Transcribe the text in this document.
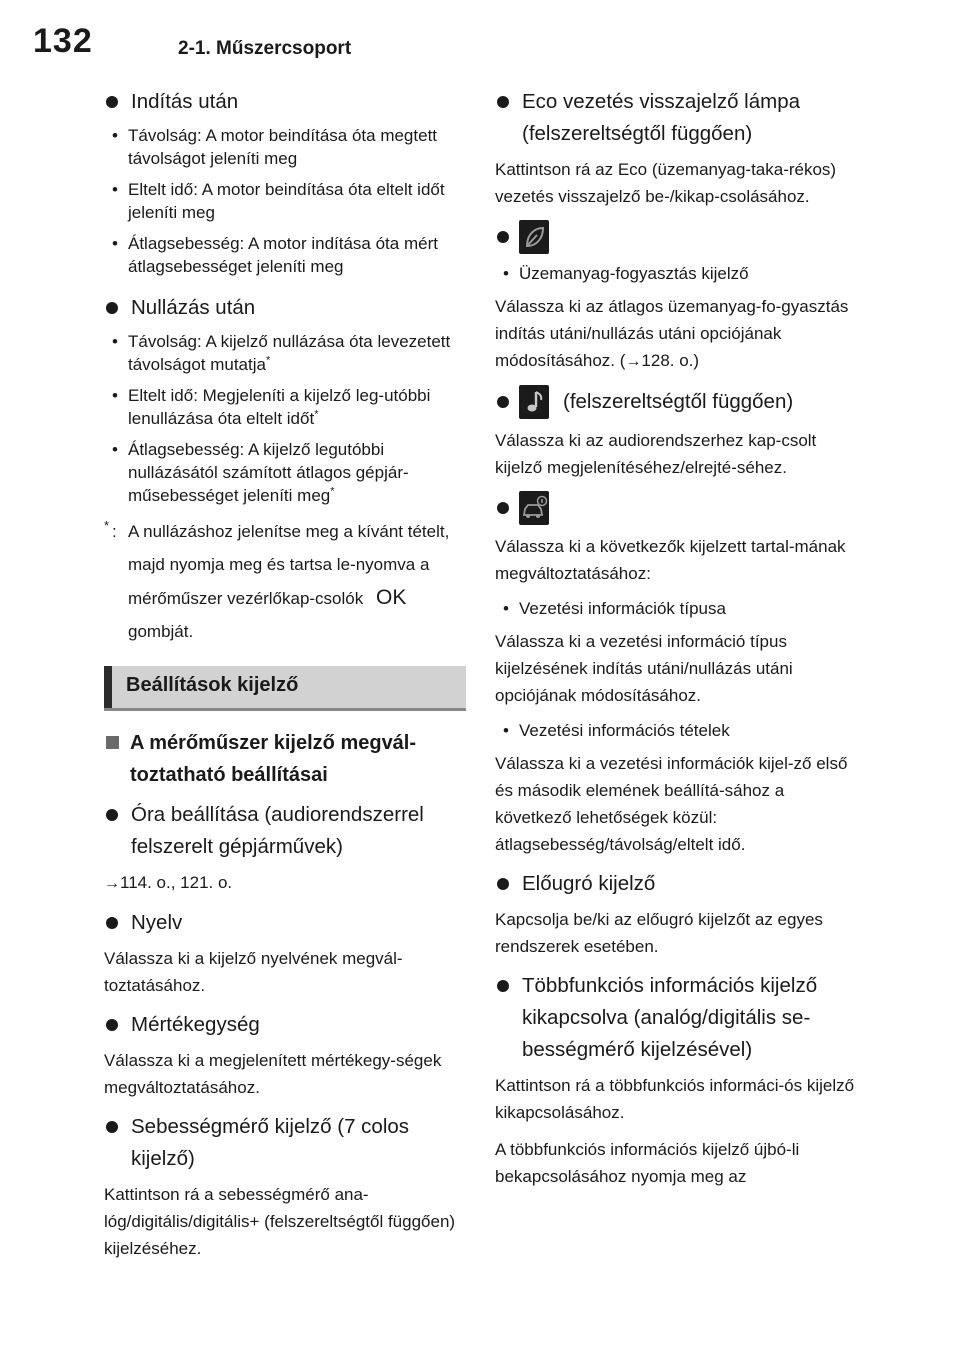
132	2-1. Műszercsoport
Indítás után
• Távolság: A motor beindítása óta megtett távolságot jeleníti meg
• Eltelt idő: A motor beindítása óta eltelt időt jeleníti meg
• Átlagsebesség: A motor indítása óta mért átlagsebességet jeleníti meg
Nullázás után
• Távolság: A kijelző nullázása óta levezetett távolságot mutatja*
• Eltelt idő: Megjeleníti a kijelző leg-utóbbi lenullázása óta eltelt időt*
• Átlagsebesség: A kijelző legutóbbi nullázásától számított átlagos gépjár-műsebességet jeleníti meg*
* : A nullázáshoz jelenítse meg a kívánt tételt, majd nyomja meg és tartsa le-nyomva a mérőműszer vezérlőkap-csolók OK gombját.
Beállítások kijelző
A mérőműszer kijelző megvál-toztatható beállításai
Óra beállítása (audiorendszerrel felszerelt gépjárművek)

→114. o., 121. o.

Nyelv

Válassza ki a kijelző nyelvének megvál-toztatásához.

Mértékegység

Válassza ki a megjelenített mértékegy-ségek megváltoztatásához.

Sebességmérő kijelző (7 colos kijelző)

Kattintson rá a sebességmérő ana-lóg/digitális/digitális+ (felszereltségtől függően) kijelzéséhez.

Eco vezetés visszajelző lámpa (felszereltségtől függően)

Kattintson rá az Eco (üzemanyag-taka-rékos) vezetés visszajelző be-/kikap-csolásához.

• Üzemanyag-fogyasztás kijelző

Válassza ki az átlagos üzemanyag-fo-gyasztás indítás utáni/nullázás utáni opciójának módosításához. (→128. o.)

(felszereltségtől függően)

Válassza ki az audiorendszerhez kap-csolt kijelző megjelenítéséhez/elrejté-séhez.

Válassza ki a következők kijelzett tartal-mának megváltoztatásához:

• Vezetési információk típusa

Válassza ki a vezetési információ típus kijelzésének indítás utáni/nullázás utáni opciójának módosításához.

• Vezetési információs tételek

Válassza ki a vezetési információk kijel-ző első és második elemének beállítá-sához a következő lehetőségek közül: átlagsebesség/távolság/eltelt idő.

Előugró kijelző

Kapcsolja be/ki az előugró kijelzőt az egyes rendszerek esetében.

Többfunkciós információs kijelző kikapcsolva (analóg/digitális se-bességmérő kijelzésével)

Kattintson rá a többfunkciós informáci-ós kijelző kikapcsolásához.

A többfunkciós információs kijelző újbó-li bekapcsolásához nyomja meg az
